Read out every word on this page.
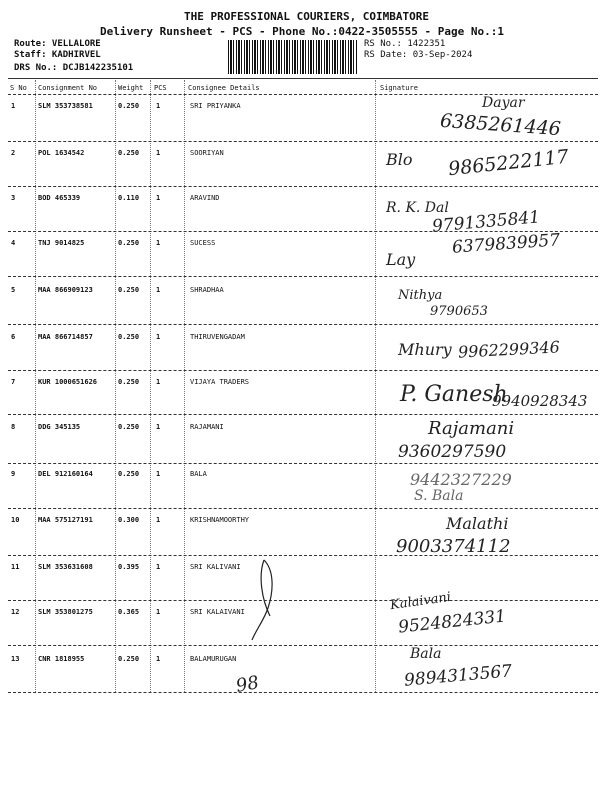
THE PROFESSIONAL COURIERS, COIMBATORE
Delivery Runsheet - PCS - Phone No.:0422-3505555 - Page No.:1
Route: VELLALORE
Staff: KADHIRVEL
DRS No.: DCJB142235101
RS No.: 1422351
RS Date: 03-Sep-2024
S No Consignment No	Weight PCS	Consignee Details	Signature
1	SLM 353738581	0.250 1	SRI PRIYANKA	Dayar
6385261446
2	POL 1634542	0.250 1	SOORIYAN	Blo 9865222117
3	BOD 465339	0.110 1	ARAVIND
R. K. Dal
9791335841
4	TNJ 9014825	0.250 1	SUCESS
Lay
6379839957
5	MAA 866909123	0.250 1	SHRADHAA	Nithya
9790653
6	MAA 866714857	0.250 1	THIRUVENGADAM
Mhury 9962299346
7	KUR 1000651626	0.250 1	VIJAYA TRADERS	P. Ganesh
9940928343
8	DDG 345135	0.250 1	RAJAMANI	Rajamani
9360297590
9	DEL 912160164	0.250 1	BALA	9442327229
S. Bala
10	MAA 575127191	0.300 1	KRISHNAMOORTHY	Malathi
9003374112
11	SLM 353631608	0.395 1	SRI KALIVANI
12	SLM 353801275	0.365 1	SRI KALAIVANI	Kalaivani
9524824331
13	CNR 1818955	0.250 1	BALAMURUGAN	Bala
9894313567
98
